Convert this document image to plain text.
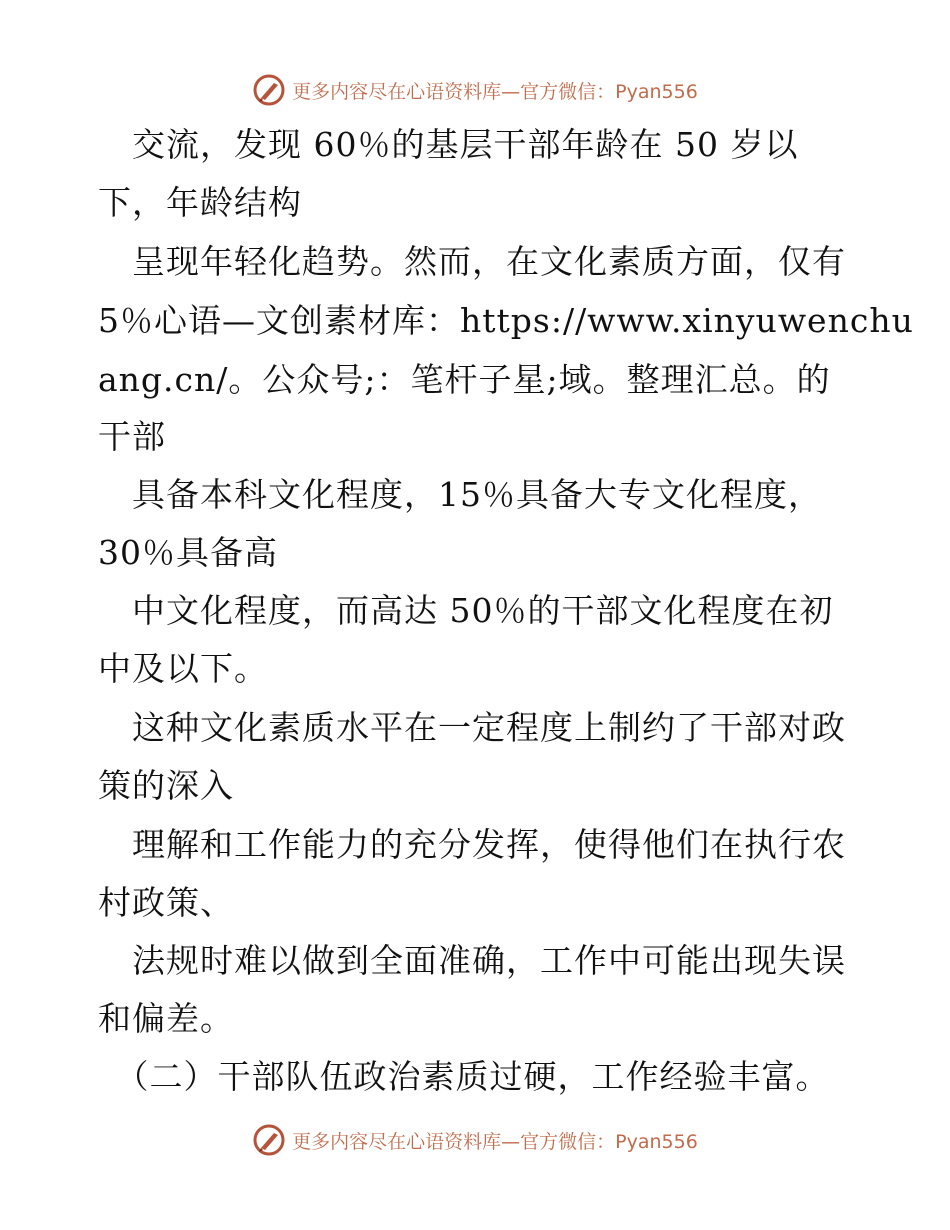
更多内容尽在心语资料库—官方微信：Pyan556
　交流，发现 60％的基层干部年龄在 50 岁以
下，年龄结构
　呈现年轻化趋势。然而，在文化素质方面，仅有
5％心语—文创素材库：https://www.xinyuwenchu
ang.cn/。公众号;：笔杆子星;域。整理汇总。的
干部
　具备本科文化程度，15％具备大专文化程度，
30％具备高
　中文化程度，而高达 50％的干部文化程度在初
中及以下。
　这种文化素质水平在一定程度上制约了干部对政
策的深入
　理解和工作能力的充分发挥，使得他们在执行农
村政策、
　法规时难以做到全面准确，工作中可能出现失误
和偏差。
　（二）干部队伍政治素质过硬，工作经验丰富。
更多内容尽在心语资料库—官方微信：Pyan556
